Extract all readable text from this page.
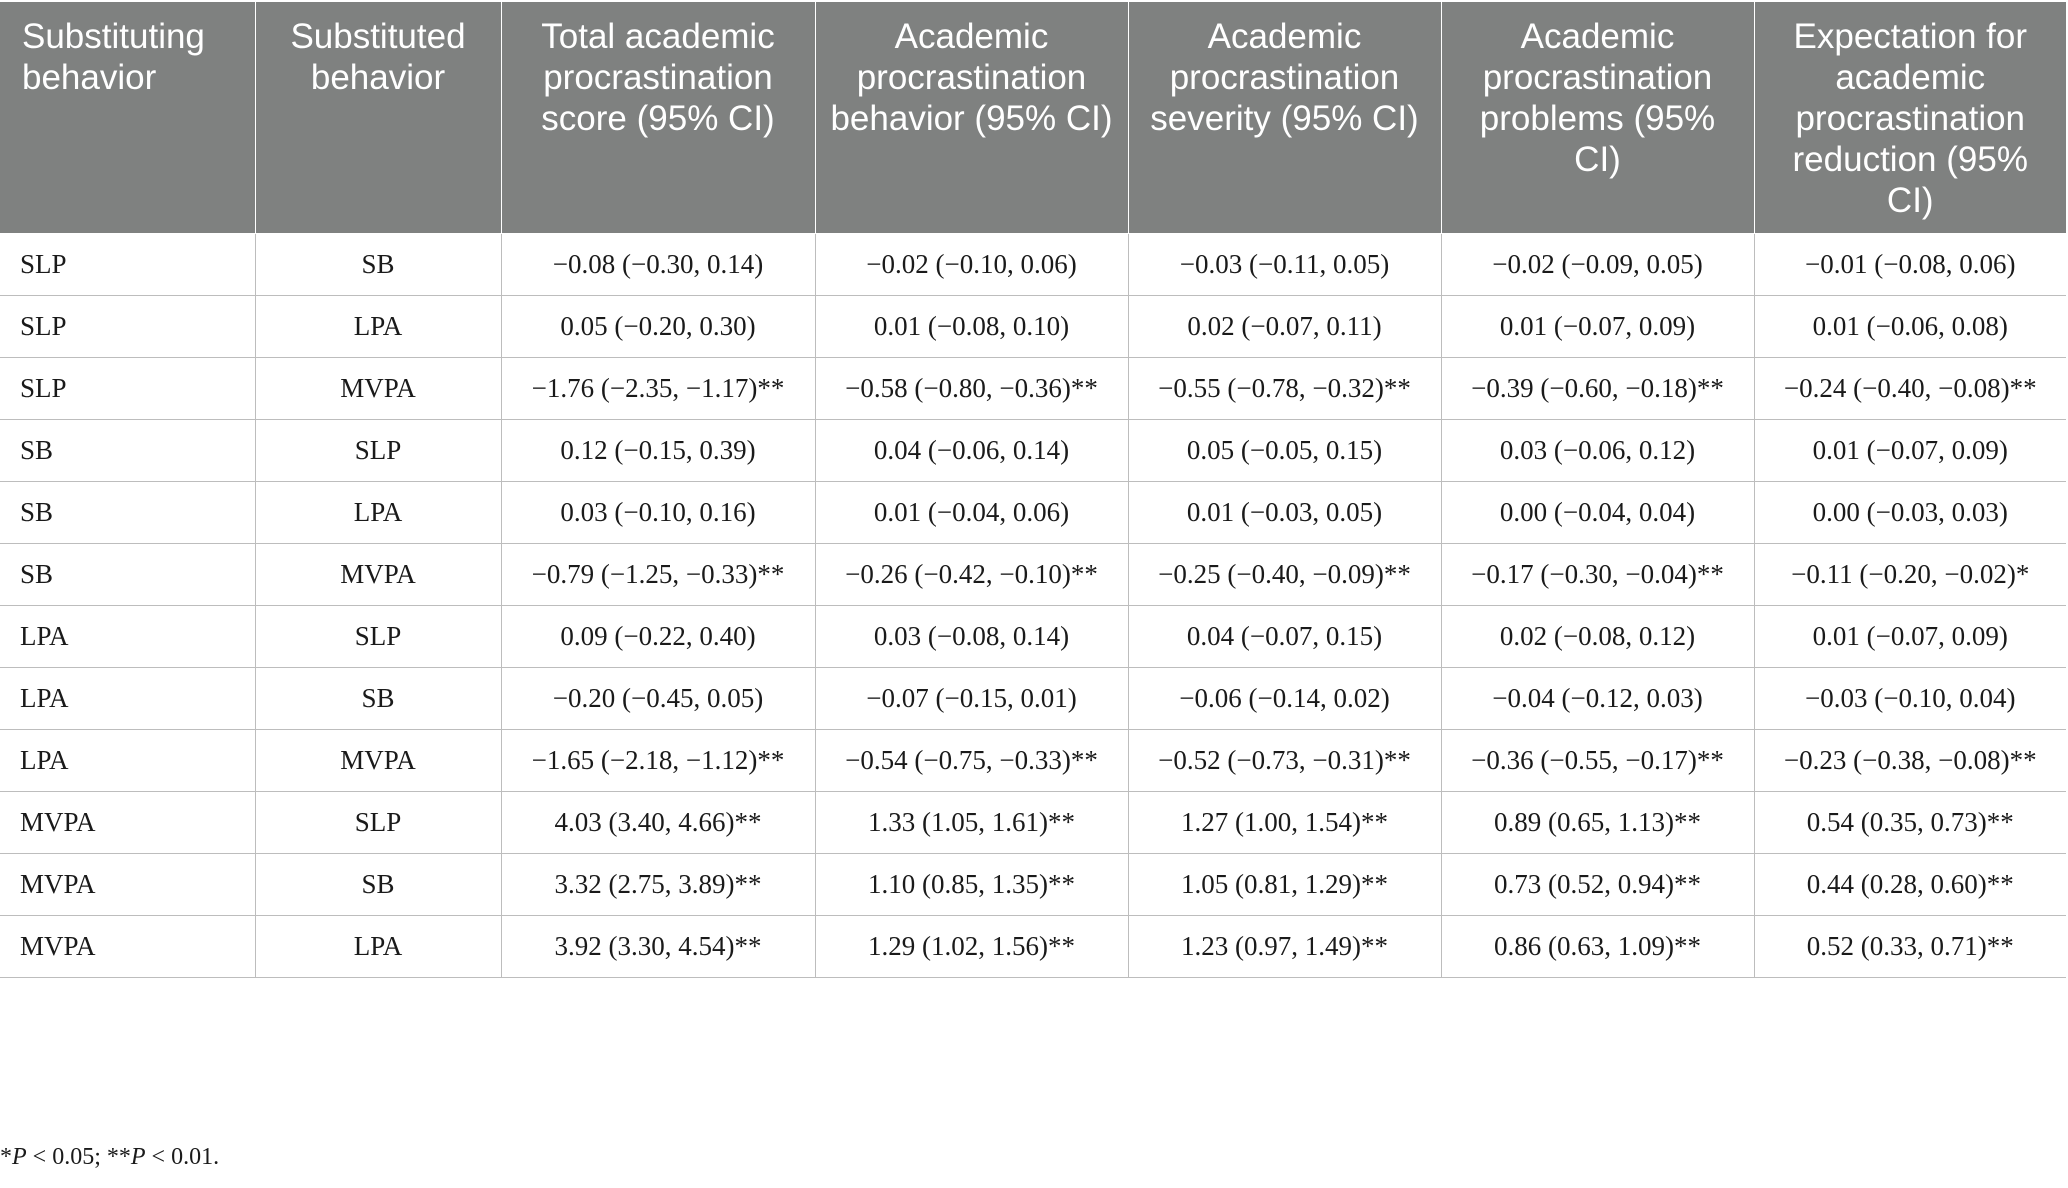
Substituting behavior	Substituted behavior	Total academic procrastination score (95% CI)	Academic procrastination behavior (95% CI)	Academic procrastination severity (95% CI)	Academic procrastination problems (95% CI)	Expectation for academic procrastination reduction (95% CI)
SLP	SB	−0.08 (−0.30, 0.14)	−0.02 (−0.10, 0.06)	−0.03 (−0.11, 0.05)	−0.02 (−0.09, 0.05)	−0.01 (−0.08, 0.06)
SLP	LPA	0.05 (−0.20, 0.30)	0.01 (−0.08, 0.10)	0.02 (−0.07, 0.11)	0.01 (−0.07, 0.09)	0.01 (−0.06, 0.08)
SLP	MVPA	−1.76 (−2.35, −1.17)**	−0.58 (−0.80, −0.36)**	−0.55 (−0.78, −0.32)**	−0.39 (−0.60, −0.18)**	−0.24 (−0.40, −0.08)**
SB	SLP	0.12 (−0.15, 0.39)	0.04 (−0.06, 0.14)	0.05 (−0.05, 0.15)	0.03 (−0.06, 0.12)	0.01 (−0.07, 0.09)
SB	LPA	0.03 (−0.10, 0.16)	0.01 (−0.04, 0.06)	0.01 (−0.03, 0.05)	0.00 (−0.04, 0.04)	0.00 (−0.03, 0.03)
SB	MVPA	−0.79 (−1.25, −0.33)**	−0.26 (−0.42, −0.10)**	−0.25 (−0.40, −0.09)**	−0.17 (−0.30, −0.04)**	−0.11 (−0.20, −0.02)*
LPA	SLP	0.09 (−0.22, 0.40)	0.03 (−0.08, 0.14)	0.04 (−0.07, 0.15)	0.02 (−0.08, 0.12)	0.01 (−0.07, 0.09)
LPA	SB	−0.20 (−0.45, 0.05)	−0.07 (−0.15, 0.01)	−0.06 (−0.14, 0.02)	−0.04 (−0.12, 0.03)	−0.03 (−0.10, 0.04)
LPA	MVPA	−1.65 (−2.18, −1.12)**	−0.54 (−0.75, −0.33)**	−0.52 (−0.73, −0.31)**	−0.36 (−0.55, −0.17)**	−0.23 (−0.38, −0.08)**
MVPA	SLP	4.03 (3.40, 4.66)**	1.33 (1.05, 1.61)**	1.27 (1.00, 1.54)**	0.89 (0.65, 1.13)**	0.54 (0.35, 0.73)**
MVPA	SB	3.32 (2.75, 3.89)**	1.10 (0.85, 1.35)**	1.05 (0.81, 1.29)**	0.73 (0.52, 0.94)**	0.44 (0.28, 0.60)**
MVPA	LPA	3.92 (3.30, 4.54)**	1.29 (1.02, 1.56)**	1.23 (0.97, 1.49)**	0.86 (0.63, 1.09)**	0.52 (0.33, 0.71)**
*P < 0.05; **P < 0.01.
